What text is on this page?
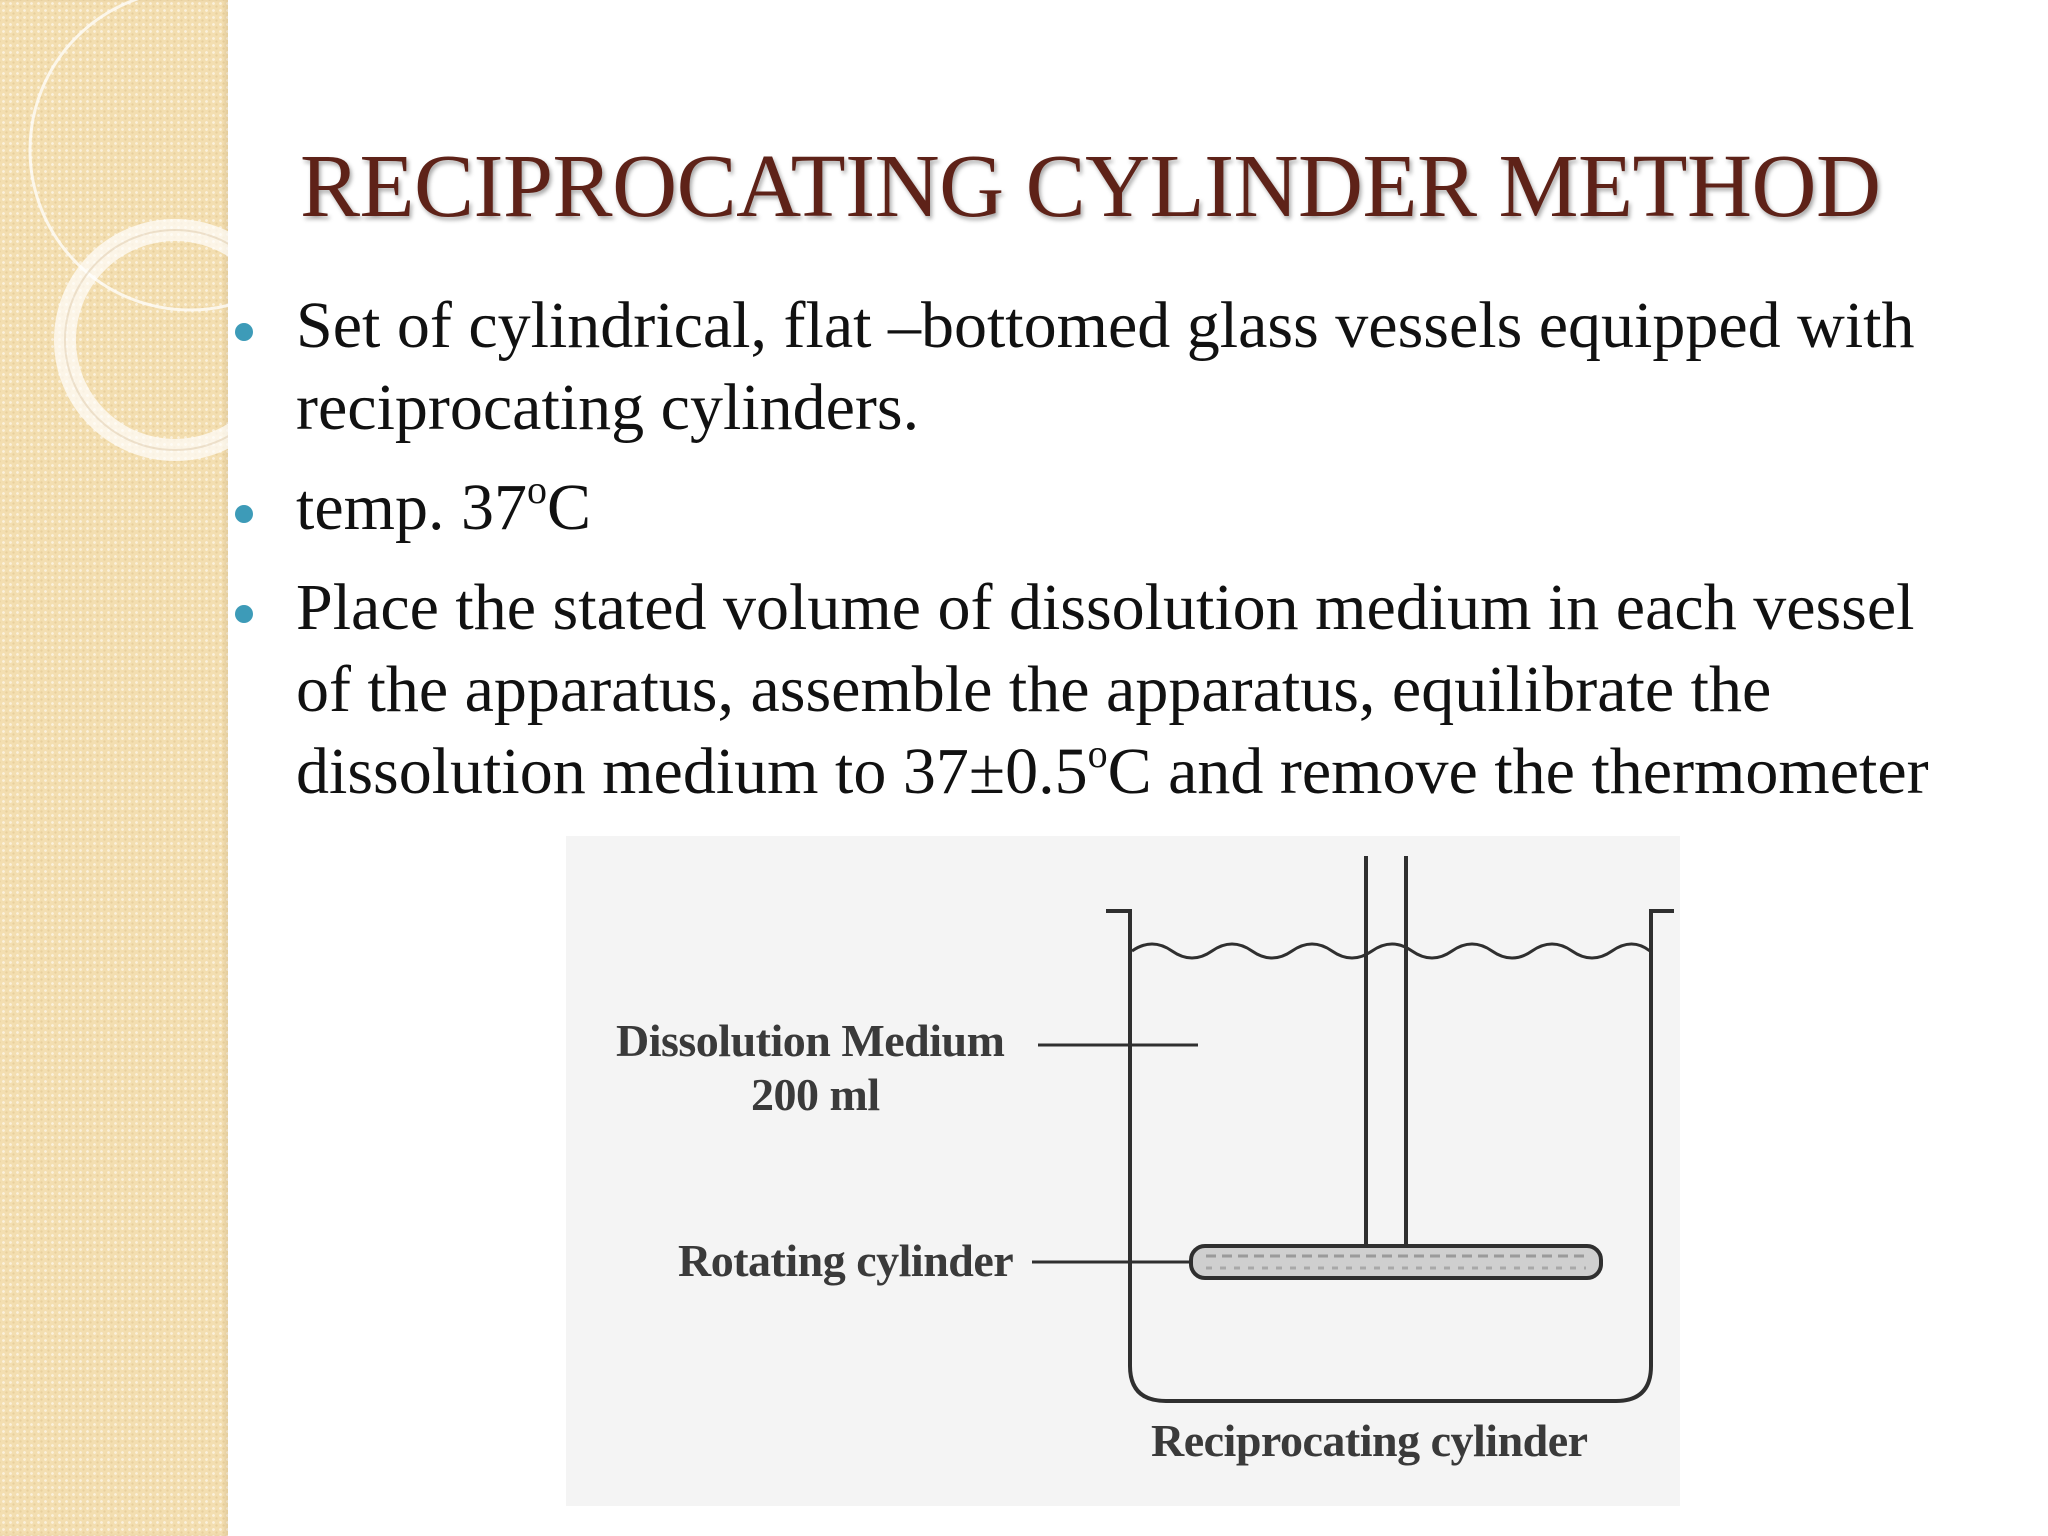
RECIPROCATING CYLINDER METHOD
Set of cylindrical, flat –bottomed glass vessels equipped with
reciprocating cylinders.
temp. 37$^o$C
Place the stated volume of dissolution medium in each vessel
of the apparatus, assemble the apparatus, equilibrate the
dissolution medium to $37\pm 0.5^oC$ and remove the thermometer
Dissolution Medium
200 ml
Rotating cylinder
Reciprocating cylinder
